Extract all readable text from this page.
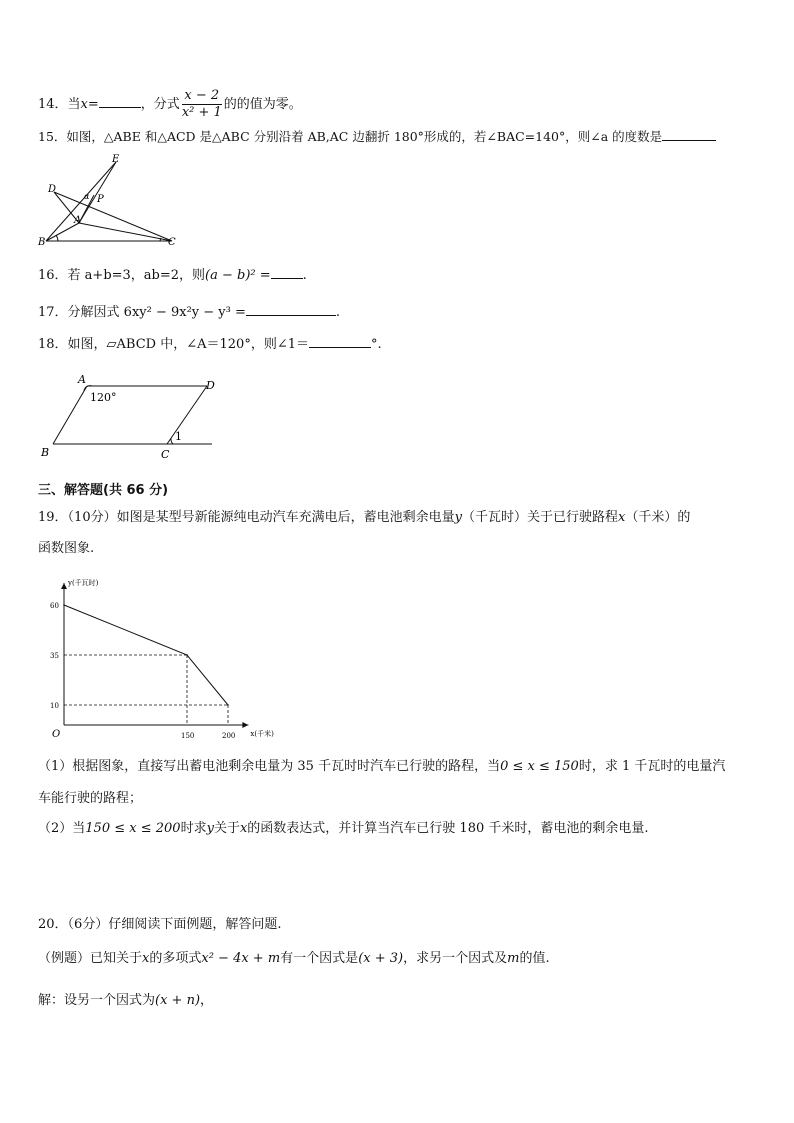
14．当x=	，分式 $\frac{x - 2}{\text{x² + 1}}$ 的的值为零。
15．如图，△ABE 和△ACD 是△ABC 分别沿着 AB,AC 边翻折 180°形成的，若∠BAC=140°，则∠a 的度数是
D
E
P
A
B	C
α
16．若 a+b=3，ab=2，则(a − b)² = .
17．分解因式 6xy² − 9x²y − y³ =	.
18．如图，▱ABCD 中，∠A＝120°，则∠1＝	°.
A	D
B	C
120°
1
三、解答题(共 66 分)
19．（10分）如图是某型号新能源纯电动汽车充满电后，蓄电池剩余电量y（千瓦时）关于已行驶路程x（千米）的
函数图象.
y(千瓦时)
x(千米)
O
60
35
10
150	200
（1）根据图象，直接写出蓄电池剩余电量为 35 千瓦时时汽车已行驶的路程，当0 ≤ x ≤ 150时，求 1 千瓦时的电量汽
车能行驶的路程；
（2）当150 ≤ x ≤ 200时求y关于x的函数表达式，并计算当汽车已行驶 180 千米时，蓄电池的剩余电量.
20．（6分）仔细阅读下面例题，解答问题.
（例题）已知关于x的多项式x² − 4x + m有一个因式是(x + 3)，求另一个因式及m的值.
解：设另一个因式为(x + n)，
